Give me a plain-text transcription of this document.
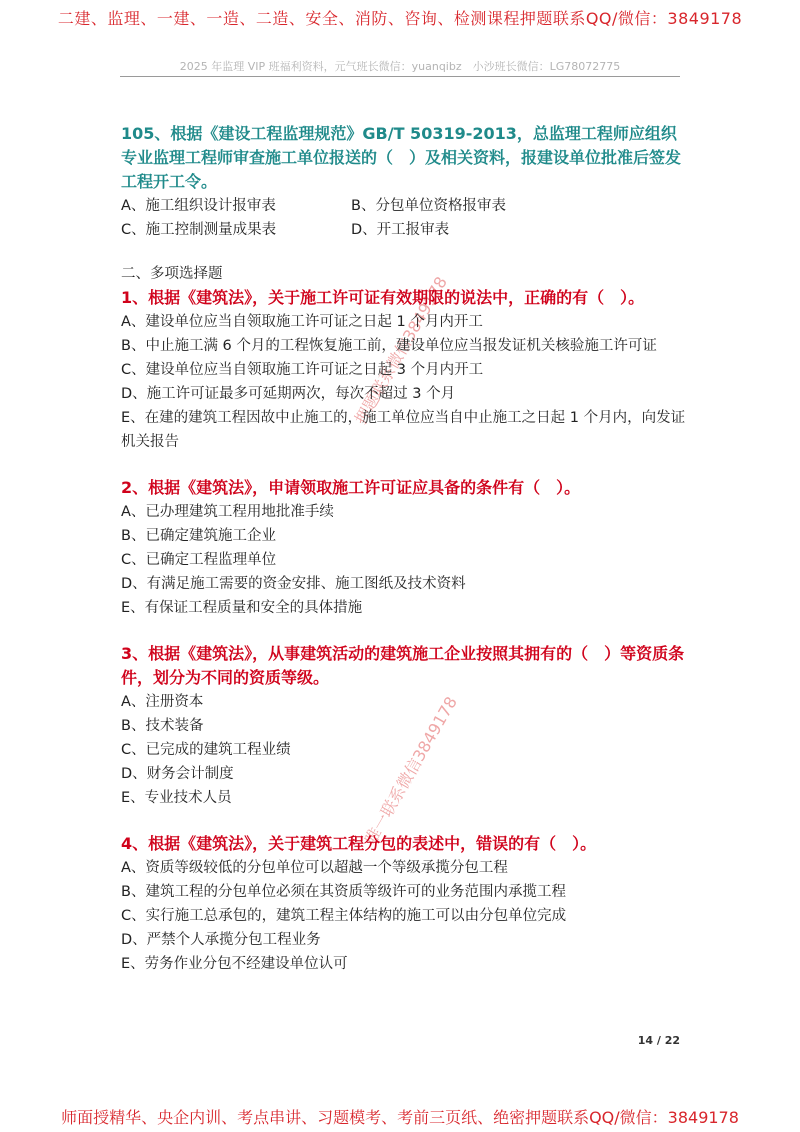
二建、监理、一建、一造、二造、安全、消防、咨询、检测课程押题联系QQ/微信：3849178
2025 年监理 VIP 班福利资料，元气班长微信：yuanqibz　小沙班长微信：LG78072775
押题联系微信3849178
唯一联系微信3849178
105、根据《建设工程监理规范》GB/T 50319-2013，总监理工程师应组织专业监理工程师审查施工单位报送的（　）及相关资料，报建设单位批准后签发工程开工令。
A、施工组织设计报审表	B、分包单位资格报审表
C、施工控制测量成果表	D、开工报审表
二、多项选择题
1、根据《建筑法》，关于施工许可证有效期限的说法中，正确的有（　）。
A、建设单位应当自领取施工许可证之日起 1 个月内开工
B、中止施工满 6 个月的工程恢复施工前，建设单位应当报发证机关核验施工许可证
C、建设单位应当自领取施工许可证之日起 3 个月内开工
D、施工许可证最多可延期两次，每次不超过 3 个月
E、在建的建筑工程因故中止施工的，施工单位应当自中止施工之日起 1 个月内，向发证机关报告
2、根据《建筑法》，申请领取施工许可证应具备的条件有（　）。
A、已办理建筑工程用地批准手续
B、已确定建筑施工企业
C、已确定工程监理单位
D、有满足施工需要的资金安排、施工图纸及技术资料
E、有保证工程质量和安全的具体措施
3、根据《建筑法》，从事建筑活动的建筑施工企业按照其拥有的（　）等资质条件，划分为不同的资质等级。
A、注册资本
B、技术装备
C、已完成的建筑工程业绩
D、财务会计制度
E、专业技术人员
4、根据《建筑法》，关于建筑工程分包的表述中，错误的有（　）。
A、资质等级较低的分包单位可以超越一个等级承揽分包工程
B、建筑工程的分包单位必须在其资质等级许可的业务范围内承揽工程
C、实行施工总承包的，建筑工程主体结构的施工可以由分包单位完成
D、严禁个人承揽分包工程业务
E、劳务作业分包不经建设单位认可
14 / 22
师面授精华、央企内训、考点串讲、习题模考、考前三页纸、绝密押题联系QQ/微信：3849178
